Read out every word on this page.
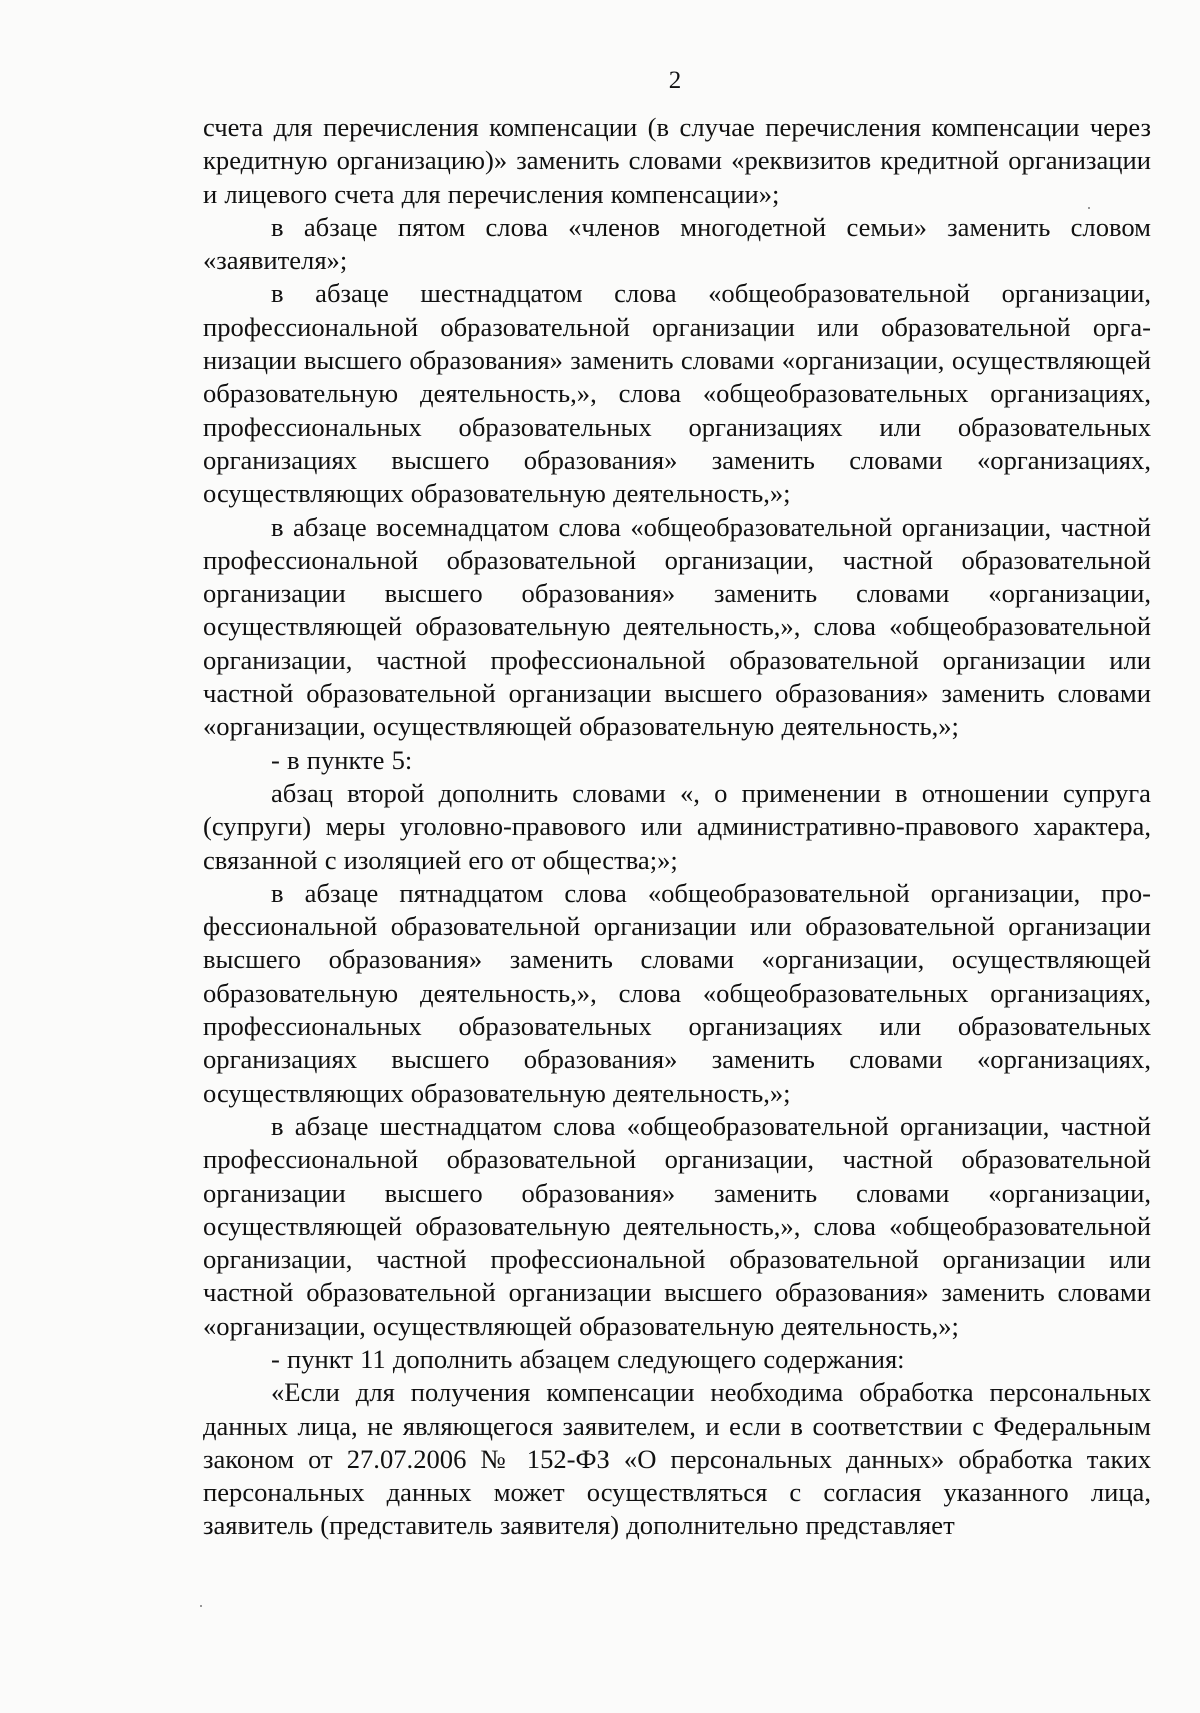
2

счета для перечисления компенсации (в случае перечисления компенсации через кредитную организацию)» заменить словами «реквизитов кредитной организации и лицевого счета для перечисления компенсации»;

в абзаце пятом слова «членов многодетной семьи» заменить словом «заявителя»;

в абзаце шестнадцатом слова «общеобразовательной организации, профессиональной образовательной организации или образовательной организации высшего образования» заменить словами «организации, осуществляющей образовательную деятельность,», слова «общеобразовательных организациях, профессиональных образовательных организациях или образовательных организациях высшего образования» заменить словами «организациях, осуществляющих образовательную деятельность,»;

в абзаце восемнадцатом слова «общеобразовательной организации, частной профессиональной образовательной организации, частной образовательной организации высшего образования» заменить словами «организации, осуществляющей образовательную деятельность,», слова «общеобразовательной организации, частной профессиональной образовательной организации или частной образовательной организации высшего образования» заменить словами «организации, осуществляющей образовательную деятельность,»;

- в пункте 5:

абзац второй дополнить словами «, о применении в отношении супруга (супруги) меры уголовно-правового или административно-правового характера, связанной с изоляцией его от общества;»;

в абзаце пятнадцатом слова «общеобразовательной организации, профессиональной образовательной организации или образовательной организации высшего образования» заменить словами «организации, осуществляющей образовательную деятельность,», слова «общеобразовательных организациях, профессиональных образовательных организациях или образовательных организациях высшего образования» заменить словами «организациях, осуществляющих образовательную деятельность,»;

в абзаце шестнадцатом слова «общеобразовательной организации, частной профессиональной образовательной организации, частной образовательной организации высшего образования» заменить словами «организации, осуществляющей образовательную деятельность,», слова «общеобразовательной организации, частной профессиональной образовательной организации или частной образовательной организации высшего образования» заменить словами «организации, осуществляющей образовательную деятельность,»;

- пункт 11 дополнить абзацем следующего содержания:

«Если для получения компенсации необходима обработка персональных данных лица, не являющегося заявителем, и если в соответствии с Федеральным законом от 27.07.2006 № 152-ФЗ «О персональных данных» обработка таких персональных данных может осуществляться с согласия указанного лица, заявитель (представитель заявителя) дополнительно представляет
